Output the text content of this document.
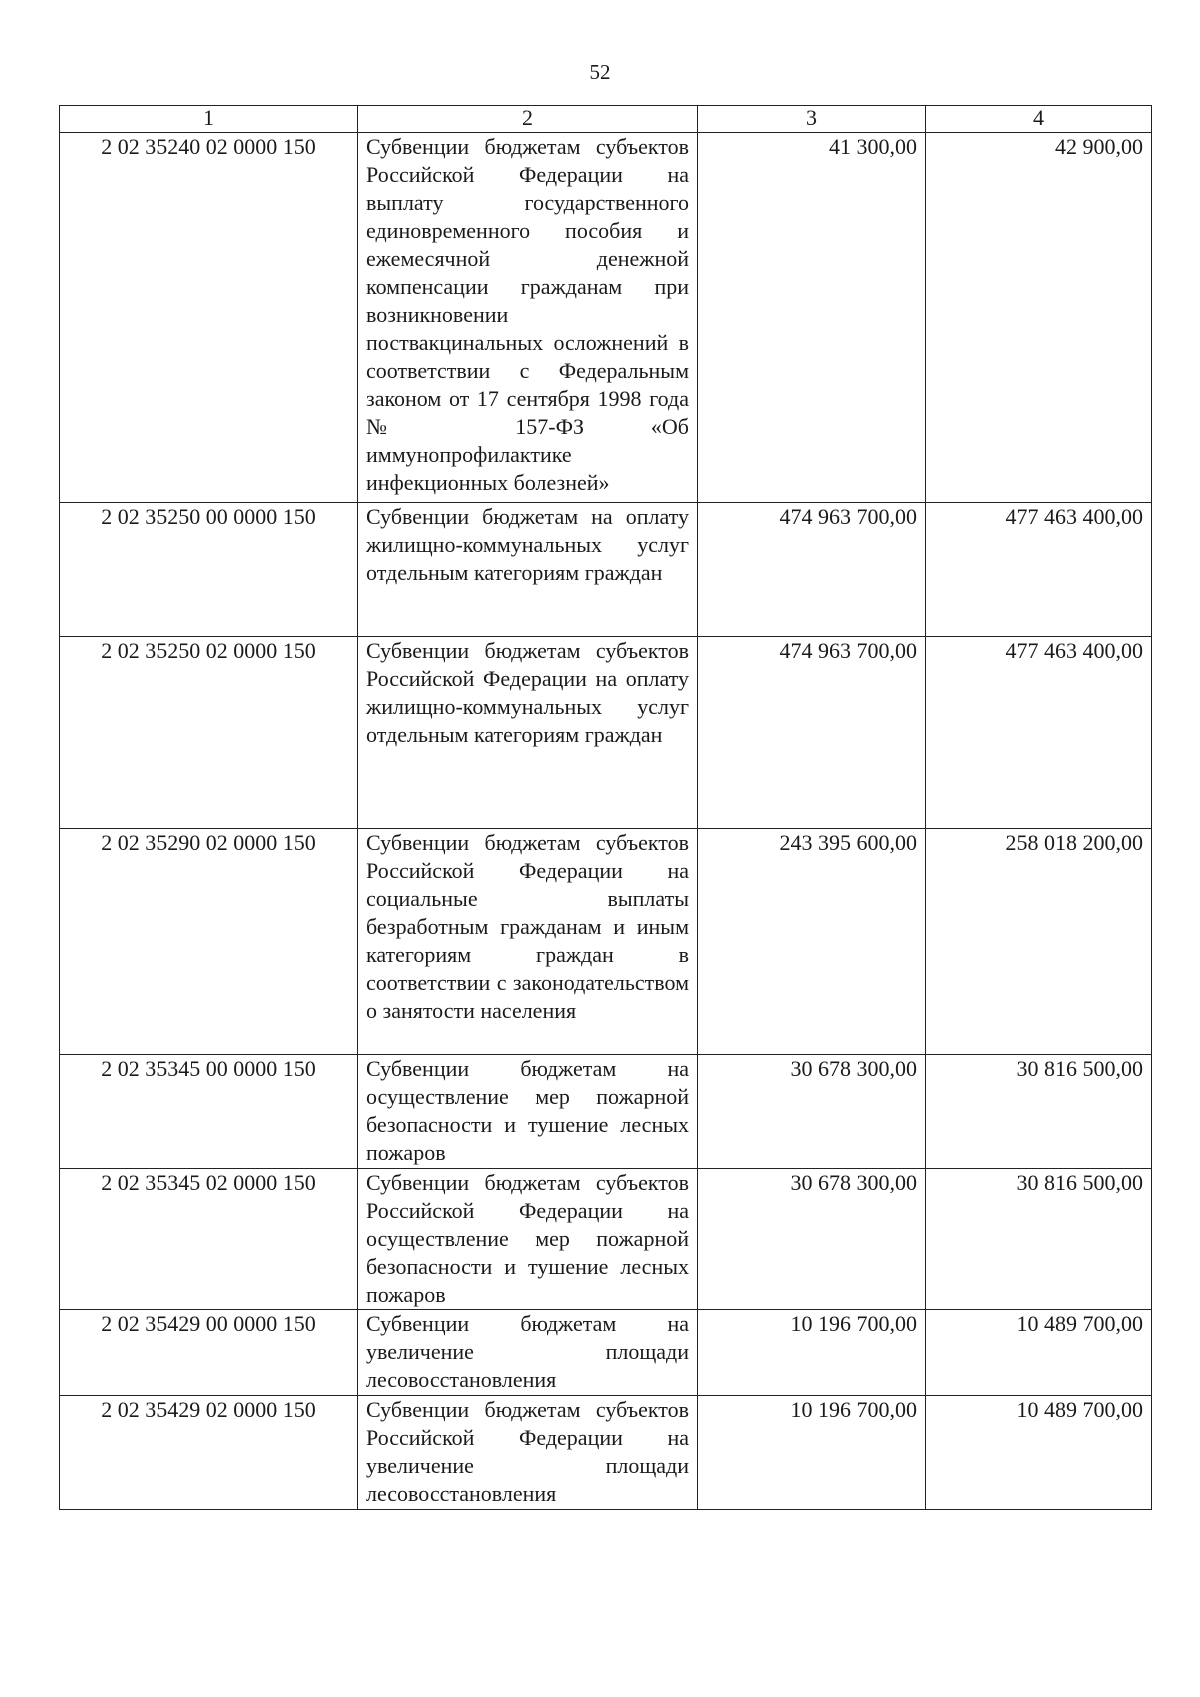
52
1	2	3	4
2 02 35240 02 0000 150	Субвенции бюджетам субъектов Российской Федерации на выплату государственного единовременного пособия и ежемесячной денежной компенсации гражданам при возникновении поствакцинальных осложнений в соответствии с Федеральным законом от 17 сентября 1998 года № 157-ФЗ «Об иммунопрофилактике инфекционных болезней»	41 300,00	42 900,00
2 02 35250 00 0000 150	Субвенции бюджетам на оплату жилищно-коммунальных услуг отдельным категориям граждан	474 963 700,00	477 463 400,00
2 02 35250 02 0000 150	Субвенции бюджетам субъектов Российской Федерации на оплату жилищно-коммунальных услуг отдельным категориям граждан	474 963 700,00	477 463 400,00
2 02 35290 02 0000 150	Субвенции бюджетам субъектов Российской Федерации на социальные выплаты безработным гражданам и иным категориям граждан в соответствии с законодательством о занятости населения	243 395 600,00	258 018 200,00
2 02 35345 00 0000 150	Субвенции бюджетам на осуществление мер пожарной безопасности и тушение лесных пожаров	30 678 300,00	30 816 500,00
2 02 35345 02 0000 150	Субвенции бюджетам субъектов Российской Федерации на осуществление мер пожарной безопасности и тушение лесных пожаров	30 678 300,00	30 816 500,00
2 02 35429 00 0000 150	Субвенции бюджетам на увеличение площади лесовосстановления	10 196 700,00	10 489 700,00
2 02 35429 02 0000 150	Субвенции бюджетам субъектов Российской Федерации на увеличение площади лесовосстановления	10 196 700,00	10 489 700,00
